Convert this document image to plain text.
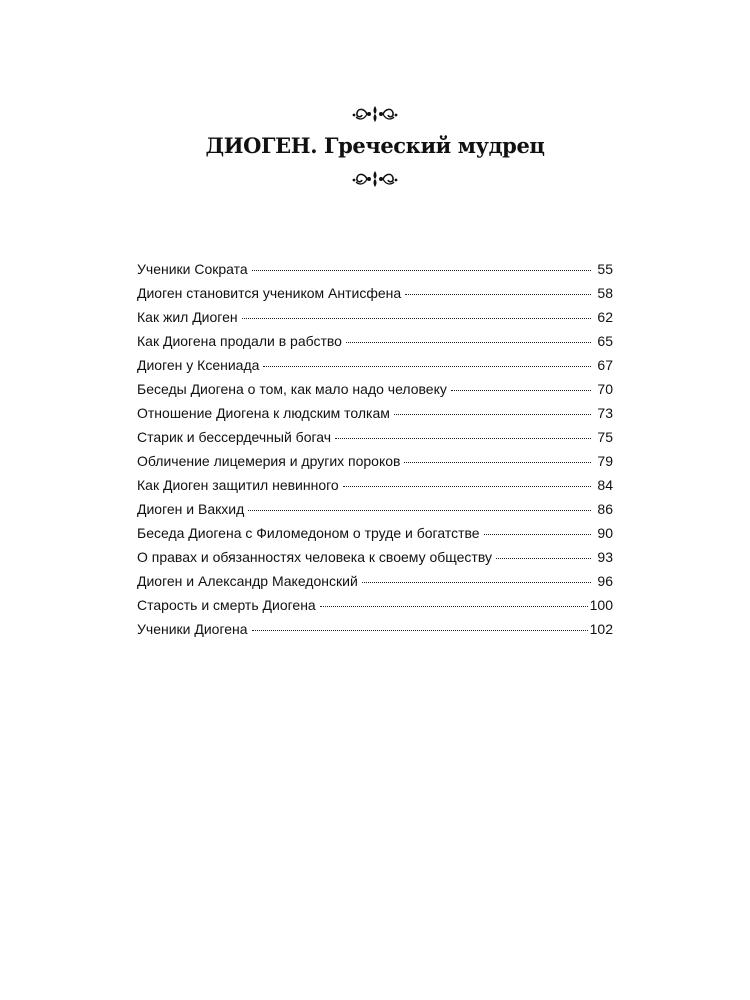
ДИОГЕН. Греческий мудрец
Ученики Сократа	55
Диоген становится учеником Антисфена	58
Как жил Диоген	62
Как Диогена продали в рабство	65
Диоген у Ксениада	67
Беседы Диогена о том, как мало надо человеку	70
Отношение Диогена к людским толкам	73
Старик и бессердечный богач	75
Обличение лицемерия и других пороков	79
Как Диоген защитил невинного	84
Диоген и Вакхид	86
Беседа Диогена с Филомедоном о труде и богатстве	90
О правах и обязанностях человека к своему обществу	93
Диоген и Александр Македонский	96
Старость и смерть Диогена	100
Ученики Диогена	102
